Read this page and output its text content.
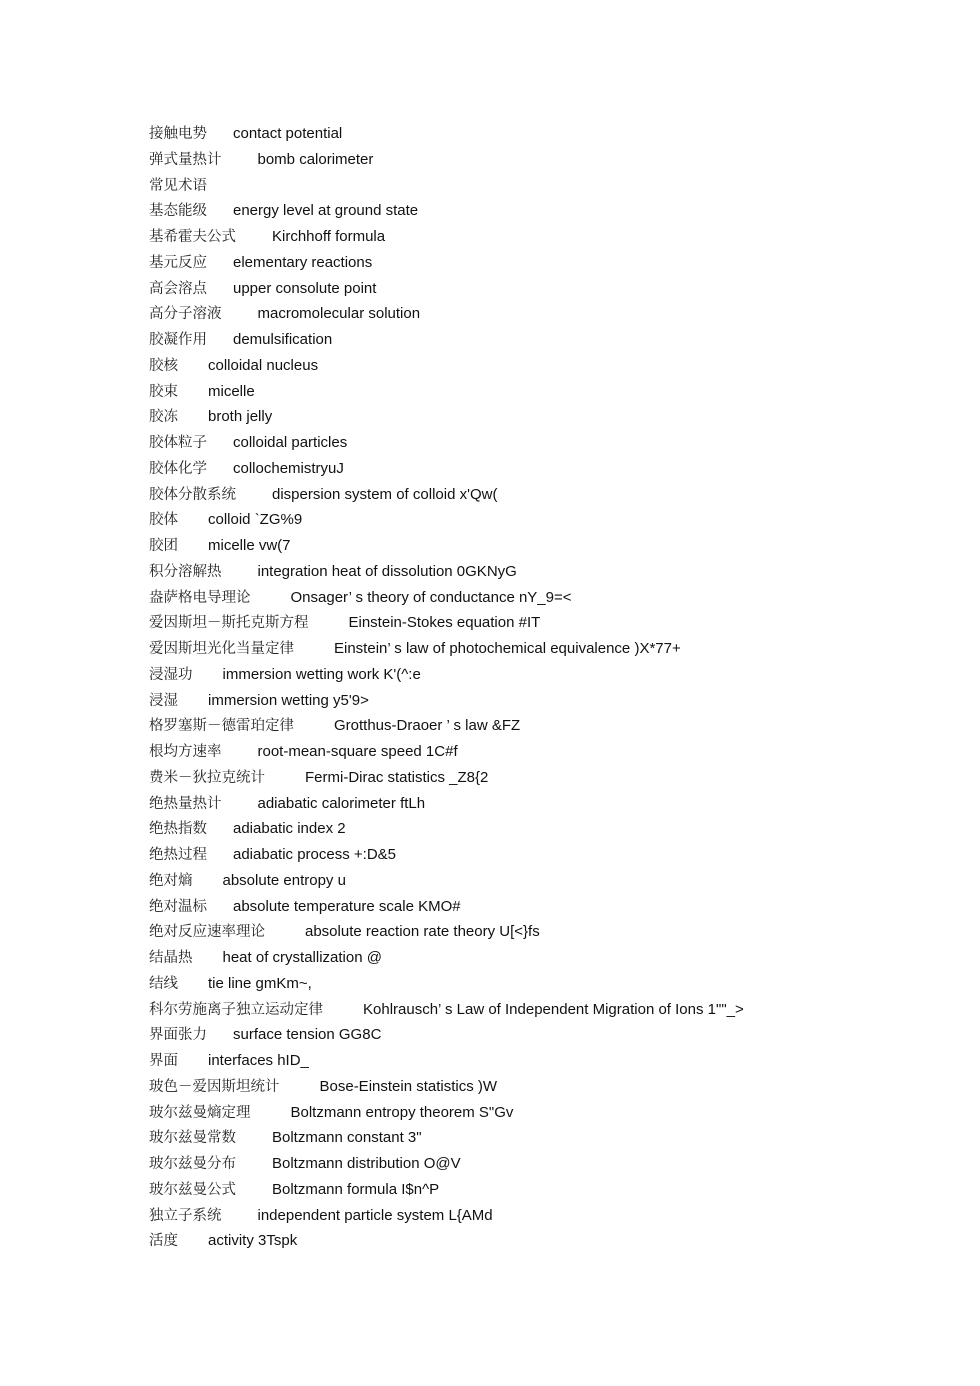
接触电势 contact potential
弹式量热计 bomb calorimeter
常见术语
基态能级 energy level at ground state
基希霍夫公式 Kirchhoff formula
基元反应 elementary reactions
高会溶点 upper consolute point
高分子溶液 macromolecular solution
胶凝作用 demulsification
胶核 colloidal nucleus
胶束 micelle
胶冻 broth jelly
胶体粒子 colloidal particles
胶体化学 collochemistryuJ
胶体分散系统 dispersion system of colloid x'Qw(
胶体 colloid `ZG%9
胶团 micelle vw(7
积分溶解热 integration heat of dissolution 0GKNyG
盎萨格电导理论	Onsager’ s theory of conductance nY_9=<
爱因斯坦－斯托克斯方程	Einstein-Stokes equation #IT
爱因斯坦光化当量定律	Einstein’ s law of photochemical equivalence )X*77+
浸湿功 immersion wetting work K'(^:e
浸湿 immersion wetting y5'9>
格罗塞斯－德雷珀定律	Grotthus-Draoer ’ s law &FZ
根均方速率 root-mean-square speed 1C#f
费米－狄拉克统计	Fermi-Dirac statistics _Z8{2
绝热量热计 adiabatic calorimeter ftLh
绝热指数 adiabatic index 2
绝热过程 adiabatic process +:D&5
绝对熵 absolute entropy u
绝对温标 absolute temperature scale KMO#
绝对反应速率理论	absolute reaction rate theory U[<}fs
结晶热 heat of crystallization @
结线 tie line gmKm~,
科尔劳施离子独立运动定律	Kohlrausch’ s Law of Independent Migration of Ions 1""_>
界面张力 surface tension GG8C
界面 interfaces hID_
玻色－爱因斯坦统计	Bose-Einstein statistics )W
玻尔兹曼熵定理	Boltzmann entropy theorem S"Gv
玻尔兹曼常数 Boltzmann constant 3"
玻尔兹曼分布 Boltzmann distribution O@V
玻尔兹曼公式 Boltzmann formula I$n^P
独立子系统 independent particle system L{AMd
活度 activity 3Tspk
